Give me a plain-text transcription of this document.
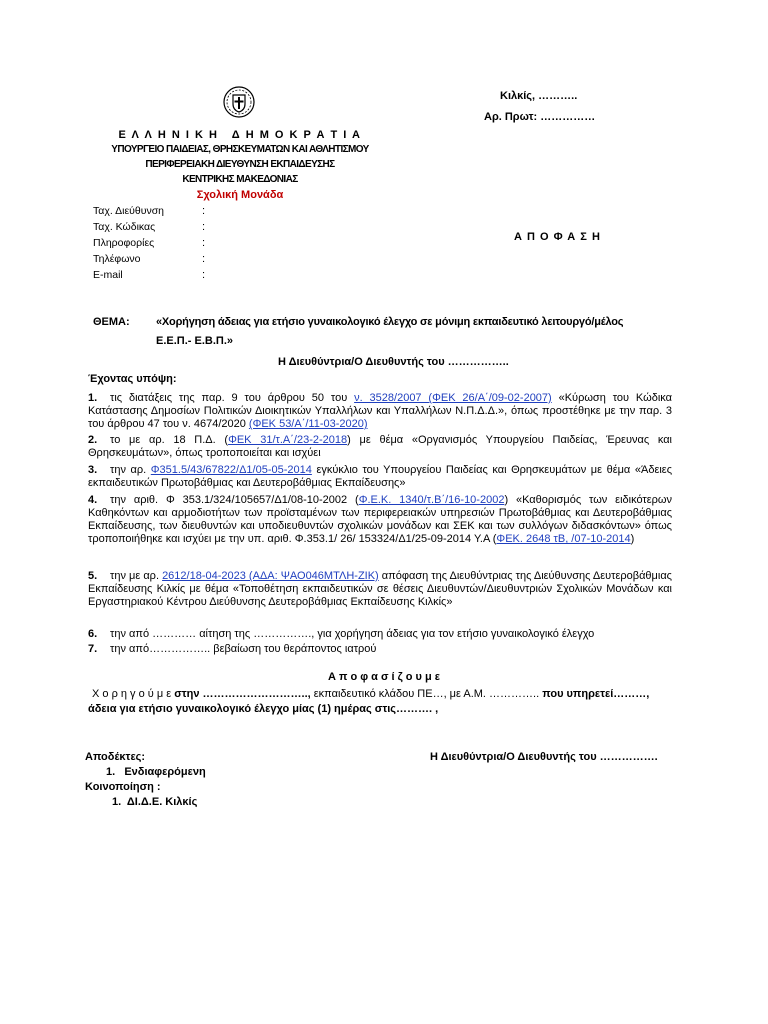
Κιλκίς, ………..
Αρ. Πρωτ: ……………
Ε Λ Λ Η Ν Ι Κ Η   Δ Η Μ Ο Κ Ρ Α Τ Ι Α
ΥΠΟΥΡΓΕΙΟ ΠΑΙΔΕΙΑΣ, ΘΡΗΣΚΕΥΜΑΤΩΝ ΚΑΙ ΑΘΛΗΤΙΣΜΟΥ
ΠΕΡΙΦΕΡΕΙΑΚΗ ΔΙΕΥΘΥΝΣΗ ΕΚΠΑΙΔΕΥΣΗΣ
ΚΕΝΤΡΙΚΗΣ ΜΑΚΕΔΟΝΙΑΣ
Σχολική Μονάδα
Ταχ. Διεύθυνση	:
Ταχ. Κώδικας	:
Πληροφορίες	:
Τηλέφωνο	:
E-mail	:
Α Π Ο Φ Α Σ Η
ΘΕΜΑ: «Χορήγηση άδειας για ετήσιο γυναικολογικό έλεγχο σε μόνιμη εκπαιδευτικό λειτουργό/μέλος
Ε.Ε.Π.- Ε.Β.Π.»
Η Διευθύντρια/Ο Διευθυντής του ……………..
Έχοντας υπόψη:
1. τις διατάξεις της παρ. 9 του άρθρου 50 του ν. 3528/2007 (ΦΕΚ 26/Α΄/09-02-2007) «Κύρωση του Κώδικα Κατάστασης Δημοσίων Πολιτικών Διοικητικών Υπαλλήλων και Υπαλλήλων Ν.Π.Δ.Δ.», όπως προστέθηκε με την παρ. 3 του άρθρου 47 του ν. 4674/2020 (ΦΕΚ 53/Α΄/11-03-2020)
2. το με αρ. 18 Π.Δ. (ΦΕΚ 31/τ.Α΄/23-2-2018) με θέμα «Οργανισμός Υπουργείου Παιδείας, Έρευνας και Θρησκευμάτων», όπως τροποποιείται και ισχύει
3. την αρ. Φ351.5/43/67822/Δ1/05-05-2014 εγκύκλιο του Υπουργείου Παιδείας και Θρησκευμάτων με θέμα «Άδειες εκπαιδευτικών Πρωτοβάθμιας και Δευτεροβάθμιας Εκπαίδευσης»
4. την αριθ. Φ 353.1/324/105657/Δ1/08-10-2002 (Φ.Ε.Κ. 1340/τ.Β΄/16-10-2002) «Καθορισμός των ειδικότερων Καθηκόντων και αρμοδιοτήτων των προϊσταμένων των περιφερειακών υπηρεσιών Πρωτοβάθμιας και Δευτεροβάθμιας Εκπαίδευσης, των διευθυντών και υποδιευθυντών σχολικών μονάδων και ΣΕΚ και των συλλόγων διδασκόντων» όπως τροποποιήθηκε και ισχύει με την υπ. αριθ. Φ.353.1/ 26/ 153324/Δ1/25-09-2014 Υ.Α (ΦΕΚ. 2648 τΒ, /07-10-2014)
5. την με αρ. 2612/18-04-2023 (ΑΔΑ: ΨΑΟ046ΜΤΛΗ-ΖΙΚ) απόφαση της Διευθύντριας της Διεύθυνσης Δευτεροβάθμιας Εκπαίδευσης Κιλκίς με θέμα «Τοποθέτηση εκπαιδευτικών σε θέσεις Διευθυντών/Διευθυντριών Σχολικών Μονάδων και Εργαστηριακού Κέντρου Διεύθυνσης Δευτεροβάθμιας Εκπαίδευσης Κιλκίς»
6. την από ………… αίτηση της ……………., για χορήγηση άδειας για τον ετήσιο γυναικολογικό έλεγχο
7. την από…………….. βεβαίωση του θεράποντος ιατρού
Α π ο φ α σ ί ζ ο υ μ ε
Χ ο ρ η γ ο ύ μ ε στην ……………………….., εκπαιδευτικό κλάδου ΠΕ…, με Α.Μ. ………….. που υπηρετεί………,
άδεια για ετήσιο γυναικολογικό έλεγχο μίας (1) ημέρας στις………. ,
Αποδέκτες:
1.   Ενδιαφερόμενη
Κοινοποίηση :
1.  ΔΙ.Δ.Ε. Κιλκίς
Η Διευθύντρια/Ο Διευθυντής του …………….
